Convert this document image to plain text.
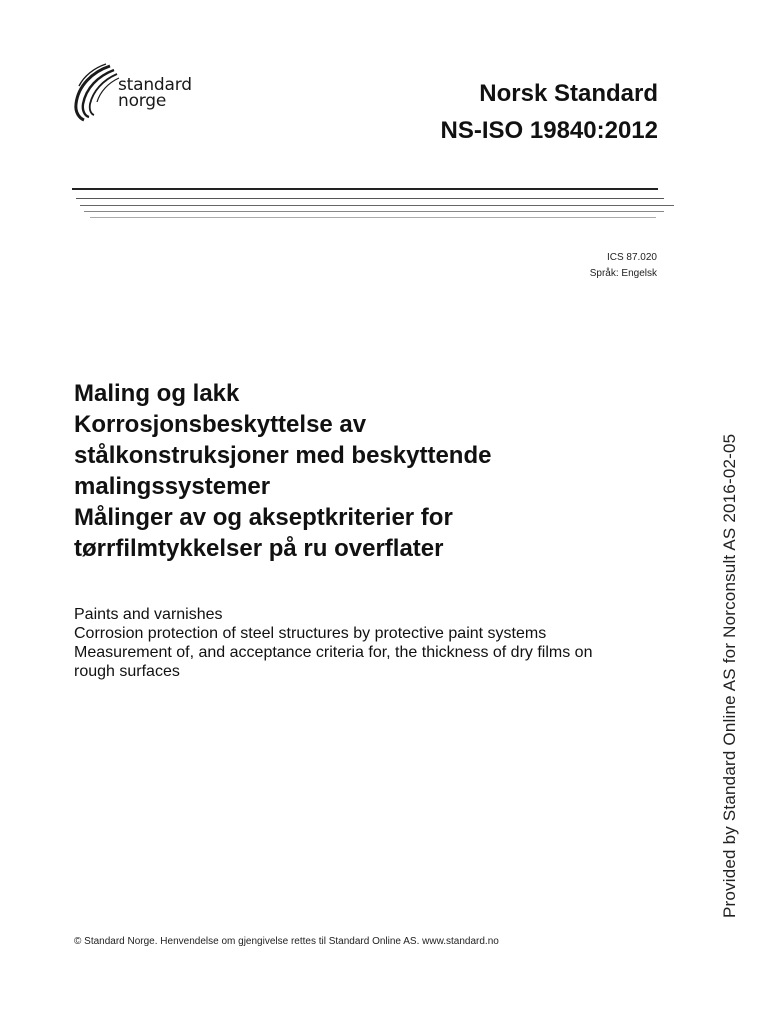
standard
norge	Norsk Standard
NS-ISO 19840:2012
ICS 87.020
Språk: Engelsk
Maling og lakk
Korrosjonsbeskyttelse av
stålkonstruksjoner med beskyttende
malingssystemer
Målinger av og akseptkriterier for
tørrfilmtykkelser på ru overflater
Paints and varnishes
Corrosion protection of steel structures by protective paint systems
Measurement of, and acceptance criteria for, the thickness of dry films on
rough surfaces
© Standard Norge. Henvendelse om gjengivelse rettes til Standard Online AS. www.standard.no
Provided by Standard Online AS for Norconsult AS 2016-02-05
